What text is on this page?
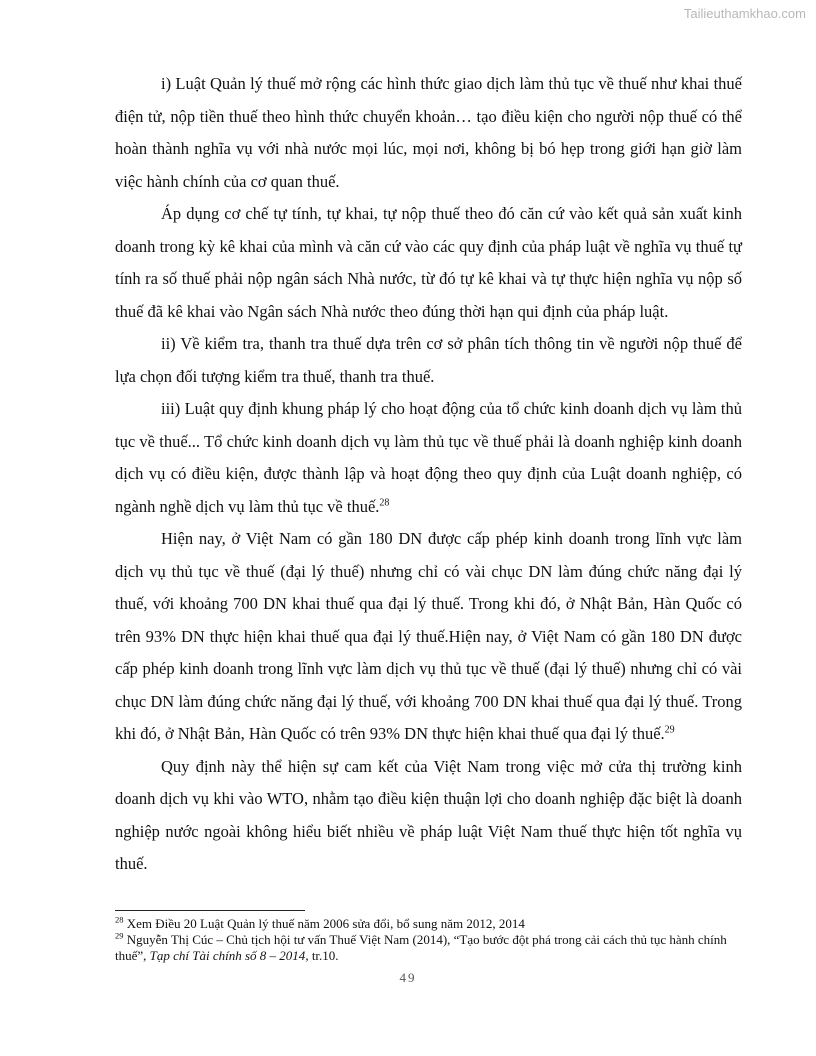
Tailieuthamkhao.com

i) Luật Quản lý thuế mở rộng các hình thức giao dịch làm thủ tục về thuế như khai thuế điện tử, nộp tiền thuế theo hình thức chuyển khoản… tạo điều kiện cho người nộp thuế có thể hoàn thành nghĩa vụ với nhà nước mọi lúc, mọi nơi, không bị bó hẹp trong giới hạn giờ làm việc hành chính của cơ quan thuế.

Áp dụng cơ chế tự tính, tự khai, tự nộp thuế theo đó căn cứ vào kết quả sản xuất kinh doanh trong kỳ kê khai của mình và căn cứ vào các quy định của pháp luật về nghĩa vụ thuế tự tính ra số thuế phải nộp ngân sách Nhà nước, từ đó tự kê khai và tự thực hiện nghĩa vụ nộp số thuế đã kê khai vào Ngân sách Nhà nước theo đúng thời hạn qui định của pháp luật.

ii) Về kiểm tra, thanh tra thuế dựa trên cơ sở phân tích thông tin về người nộp thuế để lựa chọn đối tượng kiểm tra thuế, thanh tra thuế.

iii) Luật quy định khung pháp lý cho hoạt động của tổ chức kinh doanh dịch vụ làm thủ tục về thuế... Tổ chức kinh doanh dịch vụ làm thủ tục về thuế phải là doanh nghiệp kinh doanh dịch vụ có điều kiện, được thành lập và hoạt động theo quy định của Luật doanh nghiệp, có ngành nghề dịch vụ làm thủ tục về thuế.$^{28}$

Hiện nay, ở Việt Nam có gần 180 DN được cấp phép kinh doanh trong lĩnh vực làm dịch vụ thủ tục về thuế (đại lý thuế) nhưng chỉ có vài chục DN làm đúng chức năng đại lý thuế, với khoảng 700 DN khai thuế qua đại lý thuế. Trong khi đó, ở Nhật Bản, Hàn Quốc có trên 93% DN thực hiện khai thuế qua đại lý thuế.Hiện nay, ở Việt Nam có gần 180 DN được cấp phép kinh doanh trong lĩnh vực làm dịch vụ thủ tục về thuế (đại lý thuế) nhưng chỉ có vài chục DN làm đúng chức năng đại lý thuế, với khoảng 700 DN khai thuế qua đại lý thuế. Trong khi đó, ở Nhật Bản, Hàn Quốc có trên 93% DN thực hiện khai thuế qua đại lý thuế.$^{29}$

Quy định này thể hiện sự cam kết của Việt Nam trong việc mở cửa thị trường kinh doanh dịch vụ khi vào WTO, nhằm tạo điều kiện thuận lợi cho doanh nghiệp đặc biệt là doanh nghiệp nước ngoài không hiểu biết nhiều về pháp luật Việt Nam thuế thực hiện tốt nghĩa vụ thuế.

$^{28}$ Xem Điều 20 Luật Quản lý thuế năm 2006 sửa đổi, bổ sung năm 2012, 2014

$^{29}$ Nguyễn Thị Cúc – Chủ tịch hội tư vấn Thuế Việt Nam (2014), “Tạo bước đột phá trong cải cách thủ tục hành chính thuế”, Tạp chí Tài chính số 8 – 2014, tr.10.

49
